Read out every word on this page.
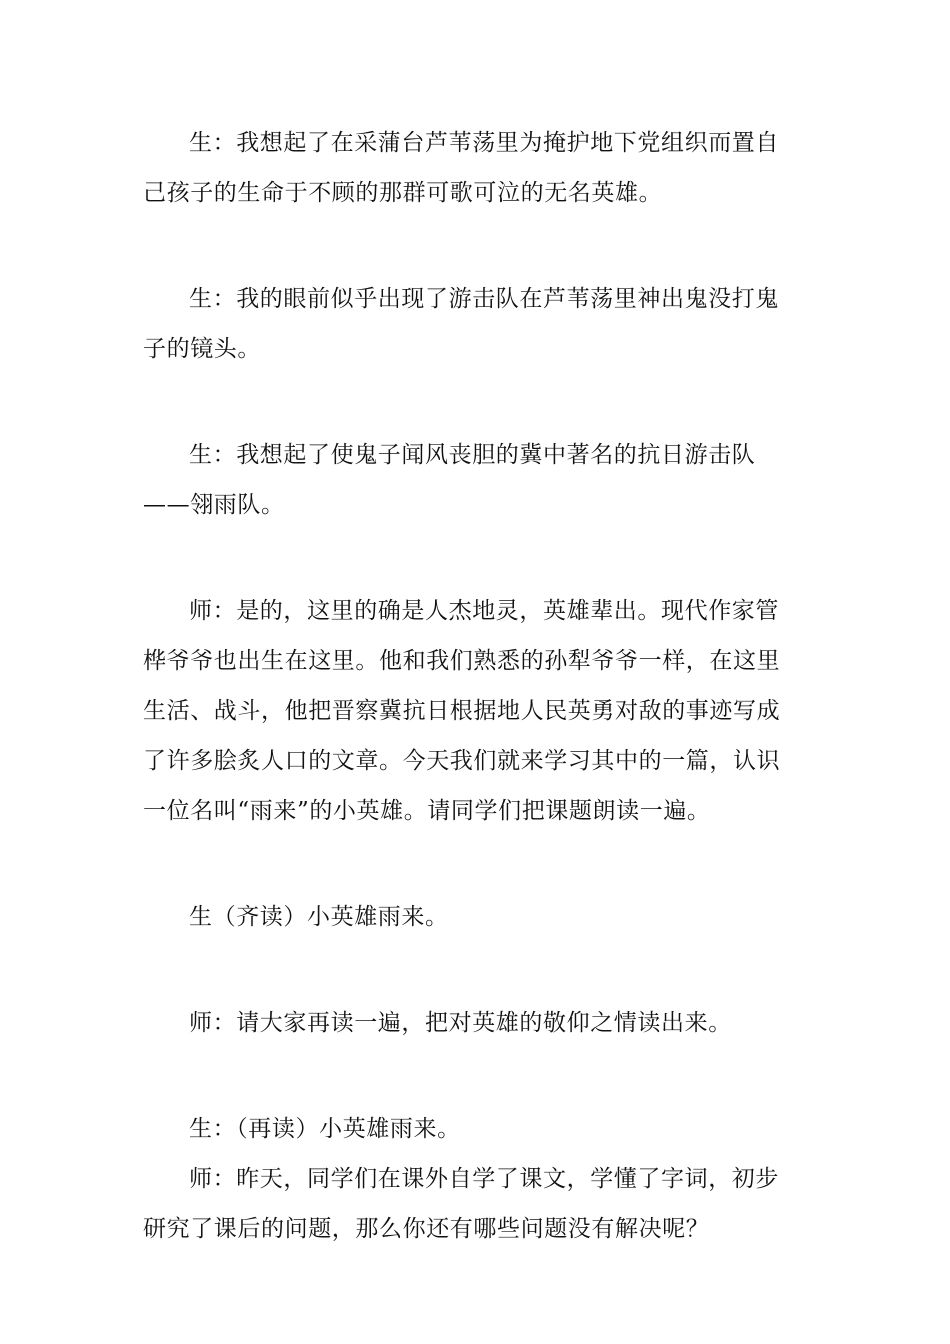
生：我想起了在采蒲台芦苇荡里为掩护地下党组织而置自己孩子的生命于不顾的那群可歌可泣的无名英雄。

生：我的眼前似乎出现了游击队在芦苇荡里神出鬼没打鬼子的镜头。

生：我想起了使鬼子闻风丧胆的冀中著名的抗日游击队——翎雨队。

师：是的，这里的确是人杰地灵，英雄辈出。现代作家管桦爷爷也出生在这里。他和我们熟悉的孙犁爷爷一样，在这里生活、战斗，他把晋察冀抗日根据地人民英勇对敌的事迹写成了许多脍炙人口的文章。今天我们就来学习其中的一篇，认识一位名叫“雨来”的小英雄。请同学们把课题朗读一遍。

生（齐读）小英雄雨来。

师：请大家再读一遍，把对英雄的敬仰之情读出来。

生：（再读）小英雄雨来。

师：昨天，同学们在课外自学了课文，学懂了字词，初步研究了课后的问题，那么你还有哪些问题没有解决呢？
